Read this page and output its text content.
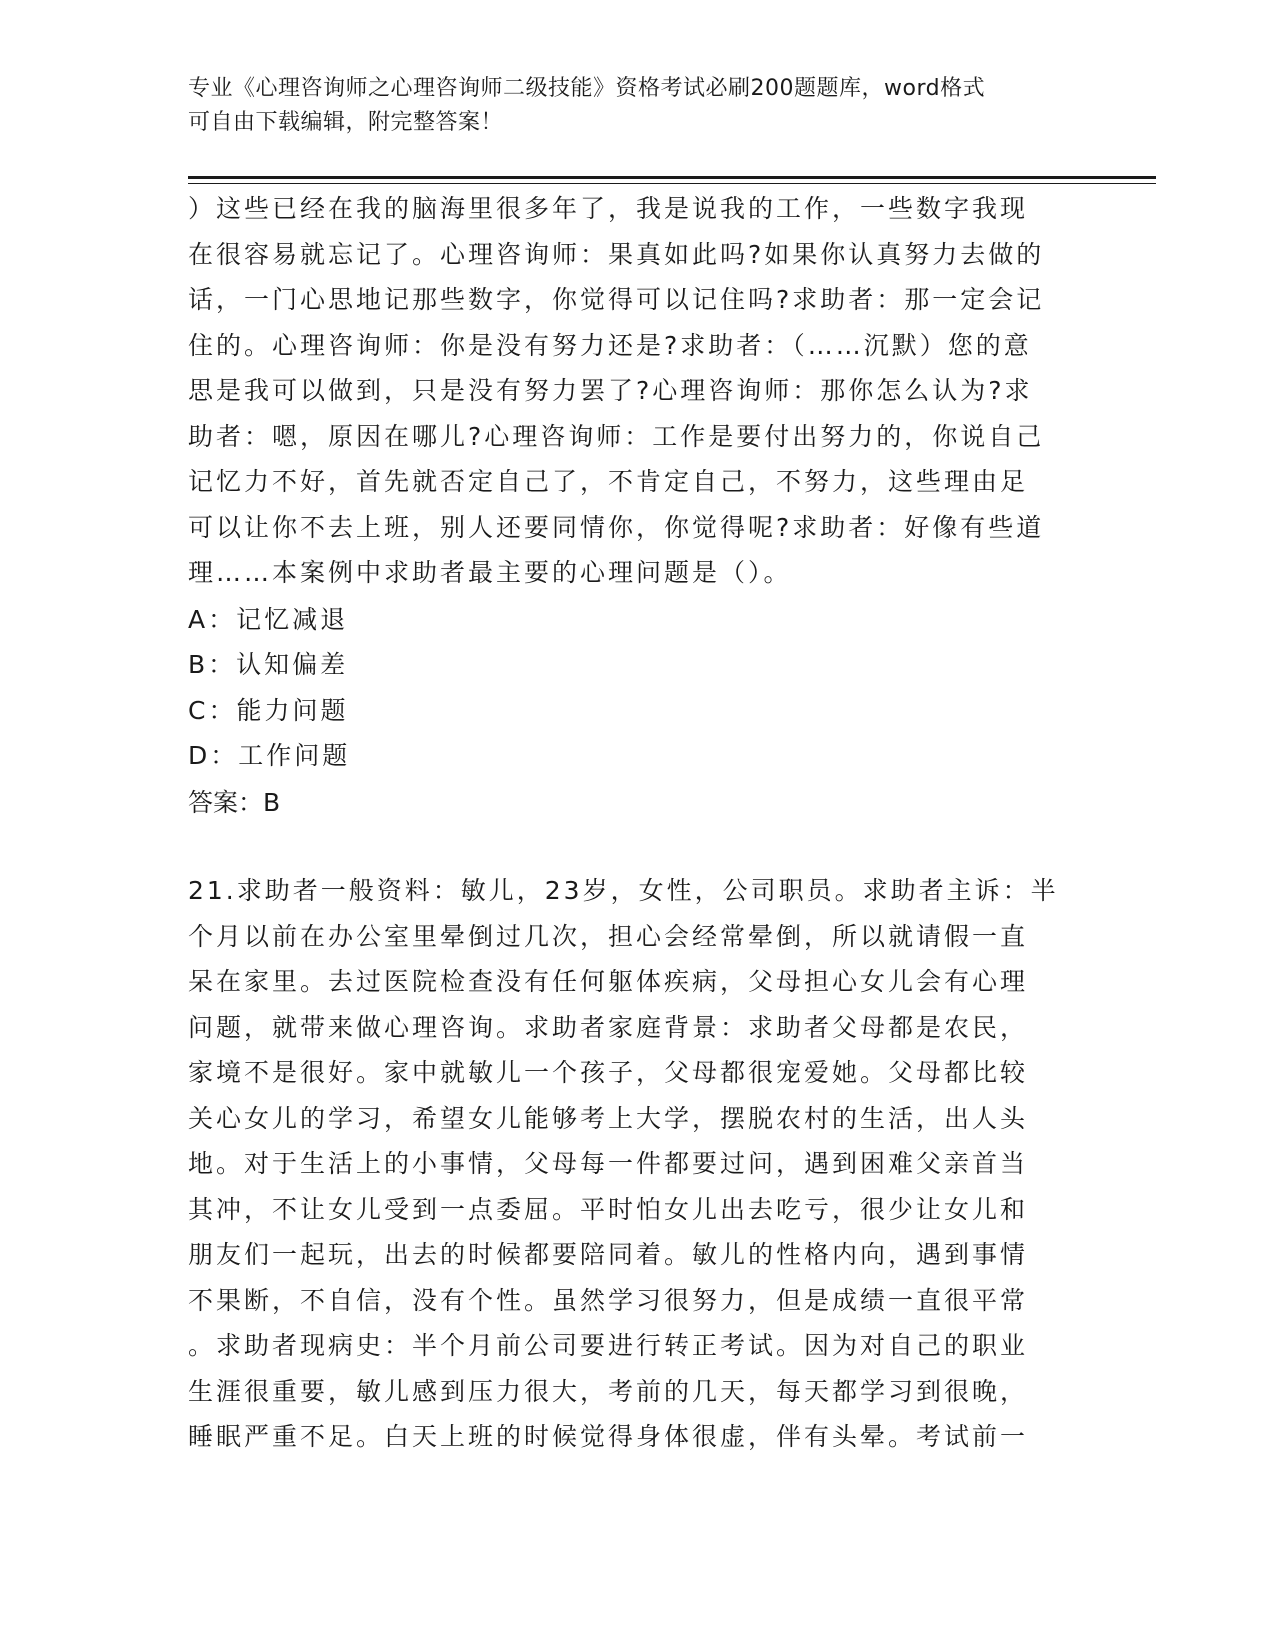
专业《心理咨询师之心理咨询师二级技能》资格考试必刷200题题库，word格式
可自由下载编辑，附完整答案！
）这些已经在我的脑海里很多年了，我是说我的工作，一些数字我现
在很容易就忘记了。心理咨询师：果真如此吗?如果你认真努力去做的
话，一门心思地记那些数字，你觉得可以记住吗?求助者：那一定会记
住的。心理咨询师：你是没有努力还是?求助者：（……沉默）您的意
思是我可以做到，只是没有努力罢了?心理咨询师：那你怎么认为?求
助者：嗯，原因在哪儿?心理咨询师：工作是要付出努力的，你说自己
记忆力不好，首先就否定自己了，不肯定自己，不努力，这些理由足
可以让你不去上班，别人还要同情你，你觉得呢?求助者：好像有些道
理……本案例中求助者最主要的心理问题是（）。
A：记忆减退
B：认知偏差
C：能力问题
D：工作问题
答案：B
21.求助者一般资料：敏儿，23岁，女性，公司职员。求助者主诉：半
个月以前在办公室里晕倒过几次，担心会经常晕倒，所以就请假一直
呆在家里。去过医院检查没有任何躯体疾病，父母担心女儿会有心理
问题，就带来做心理咨询。求助者家庭背景：求助者父母都是农民，
家境不是很好。家中就敏儿一个孩子，父母都很宠爱她。父母都比较
关心女儿的学习，希望女儿能够考上大学，摆脱农村的生活，出人头
地。对于生活上的小事情，父母每一件都要过问，遇到困难父亲首当
其冲，不让女儿受到一点委屈。平时怕女儿出去吃亏，很少让女儿和
朋友们一起玩，出去的时候都要陪同着。敏儿的性格内向，遇到事情
不果断，不自信，没有个性。虽然学习很努力，但是成绩一直很平常
。求助者现病史：半个月前公司要进行转正考试。因为对自己的职业
生涯很重要，敏儿感到压力很大，考前的几天，每天都学习到很晚，
睡眠严重不足。白天上班的时候觉得身体很虚，伴有头晕。考试前一
